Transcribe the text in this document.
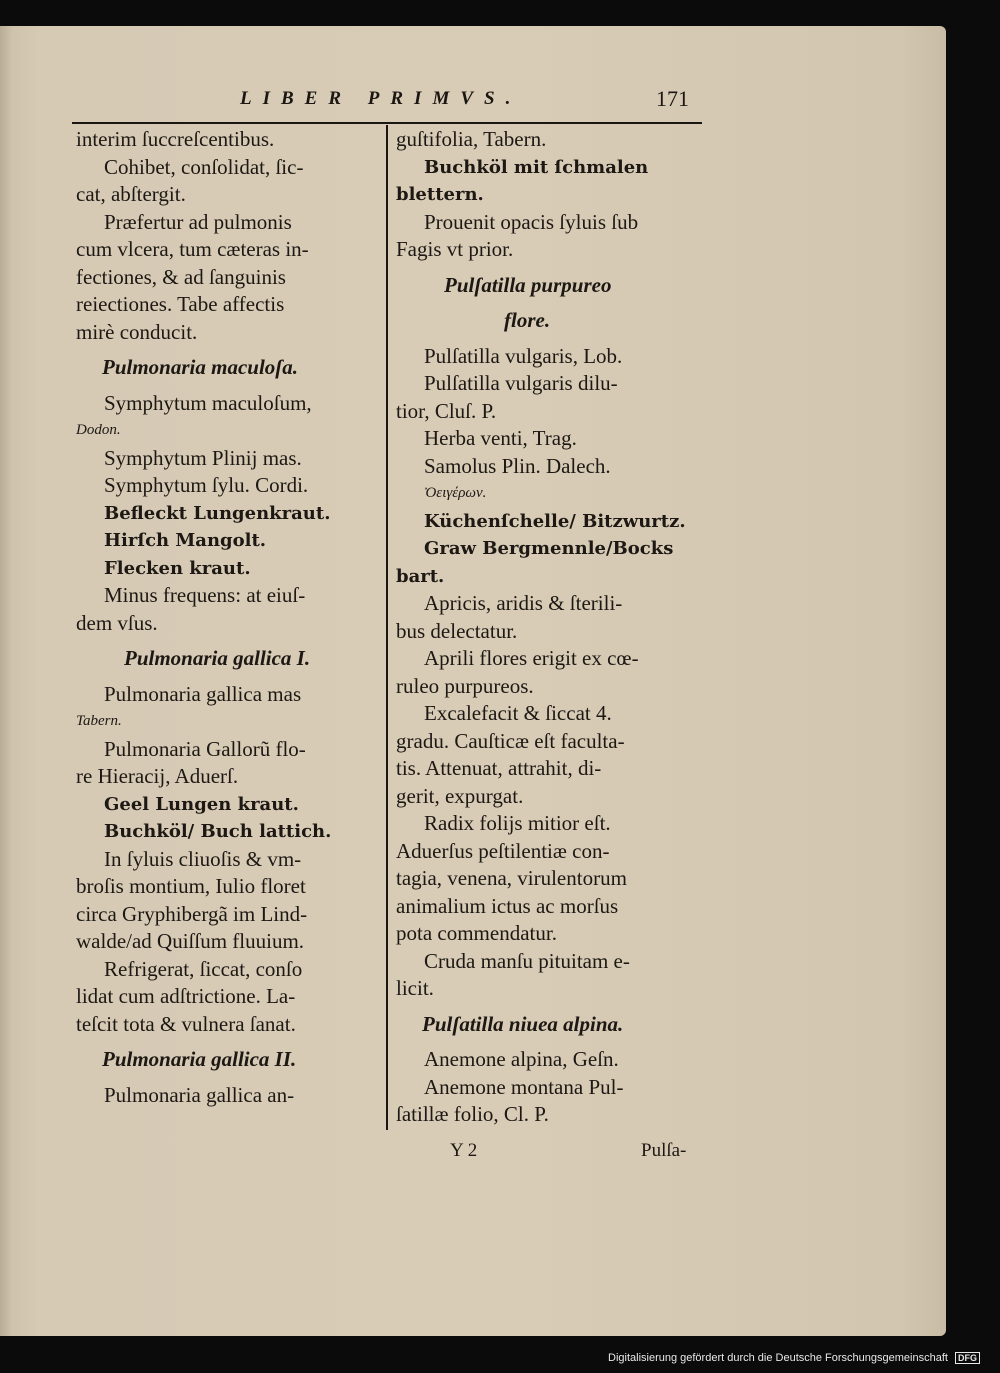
LIBER PRIMVS.	171
interim ſuccreſcentibus.
Cohibet, conſolidat, ſic-
cat, abſtergit.
Præfertur ad pulmonis
cum vlcera, tum cæteras in-
fectiones, & ad ſanguinis
reiectiones. Tabe affectis
mirè conducit.
Pulmonaria maculoſa.
Symphytum maculoſum,
Dodon.
Symphytum Plinij mas.
Symphytum ſylu. Cordi.
Befleckt Lungenkraut.
Hirſch Mangolt.
Flecken kraut.
Minus frequens: at eiuſ-
dem vſus.
Pulmonaria gallica I.
Pulmonaria gallica mas
Tabern.
Pulmonaria Gallorũ flo-
re Hieracij, Aduerſ.
Geel Lungen kraut.
Buchköl/ Buch lattich.
In ſyluis cliuoſis & vm-
broſis montium, Iulio floret
circa Gryphibergã im Lind-
walde/ad Quiſſum fluuium.
Refrigerat, ſiccat, conſo
lidat cum adſtrictione. La-
teſcit tota & vulnera ſanat.
Pulmonaria gallica II.
Pulmonaria gallica an-
guſtifolia, Tabern.
Buchköl mit ſchmalen
blettern.
Prouenit opacis ſyluis ſub
Fagis vt prior.
Pulſatilla purpureo
flore.
Pulſatilla vulgaris, Lob.
Pulſatilla vulgaris dilu-
tior, Cluſ. P.
Herba venti, Trag.
Samolus Plin. Dalech.
Ὀειγέρων.
Küchenſchelle/ Bitzwurtz.
Graw Bergmennle/Bocks
bart.
Apricis, aridis & ſterili-
bus delectatur.
Aprili flores erigit ex cœ-
ruleo purpureos.
Excalefacit & ſiccat 4.
gradu. Cauſticæ eſt faculta-
tis. Attenuat, attrahit, di-
gerit, expurgat.
Radix folijs mitior eſt.
Aduerſus peſtilentiæ con-
tagia, venena, virulentorum
animalium ictus ac morſus
pota commendatur.
Cruda manſu pituitam e-
licit.
Pulſatilla niuea alpina.
Anemone alpina, Geſn.
Anemone montana Pul-
ſatillæ folio, Cl. P.
Y 2	Pulſa-
Digitalisierung gefördert durch die Deutsche Forschungsgemeinschaft DFG
